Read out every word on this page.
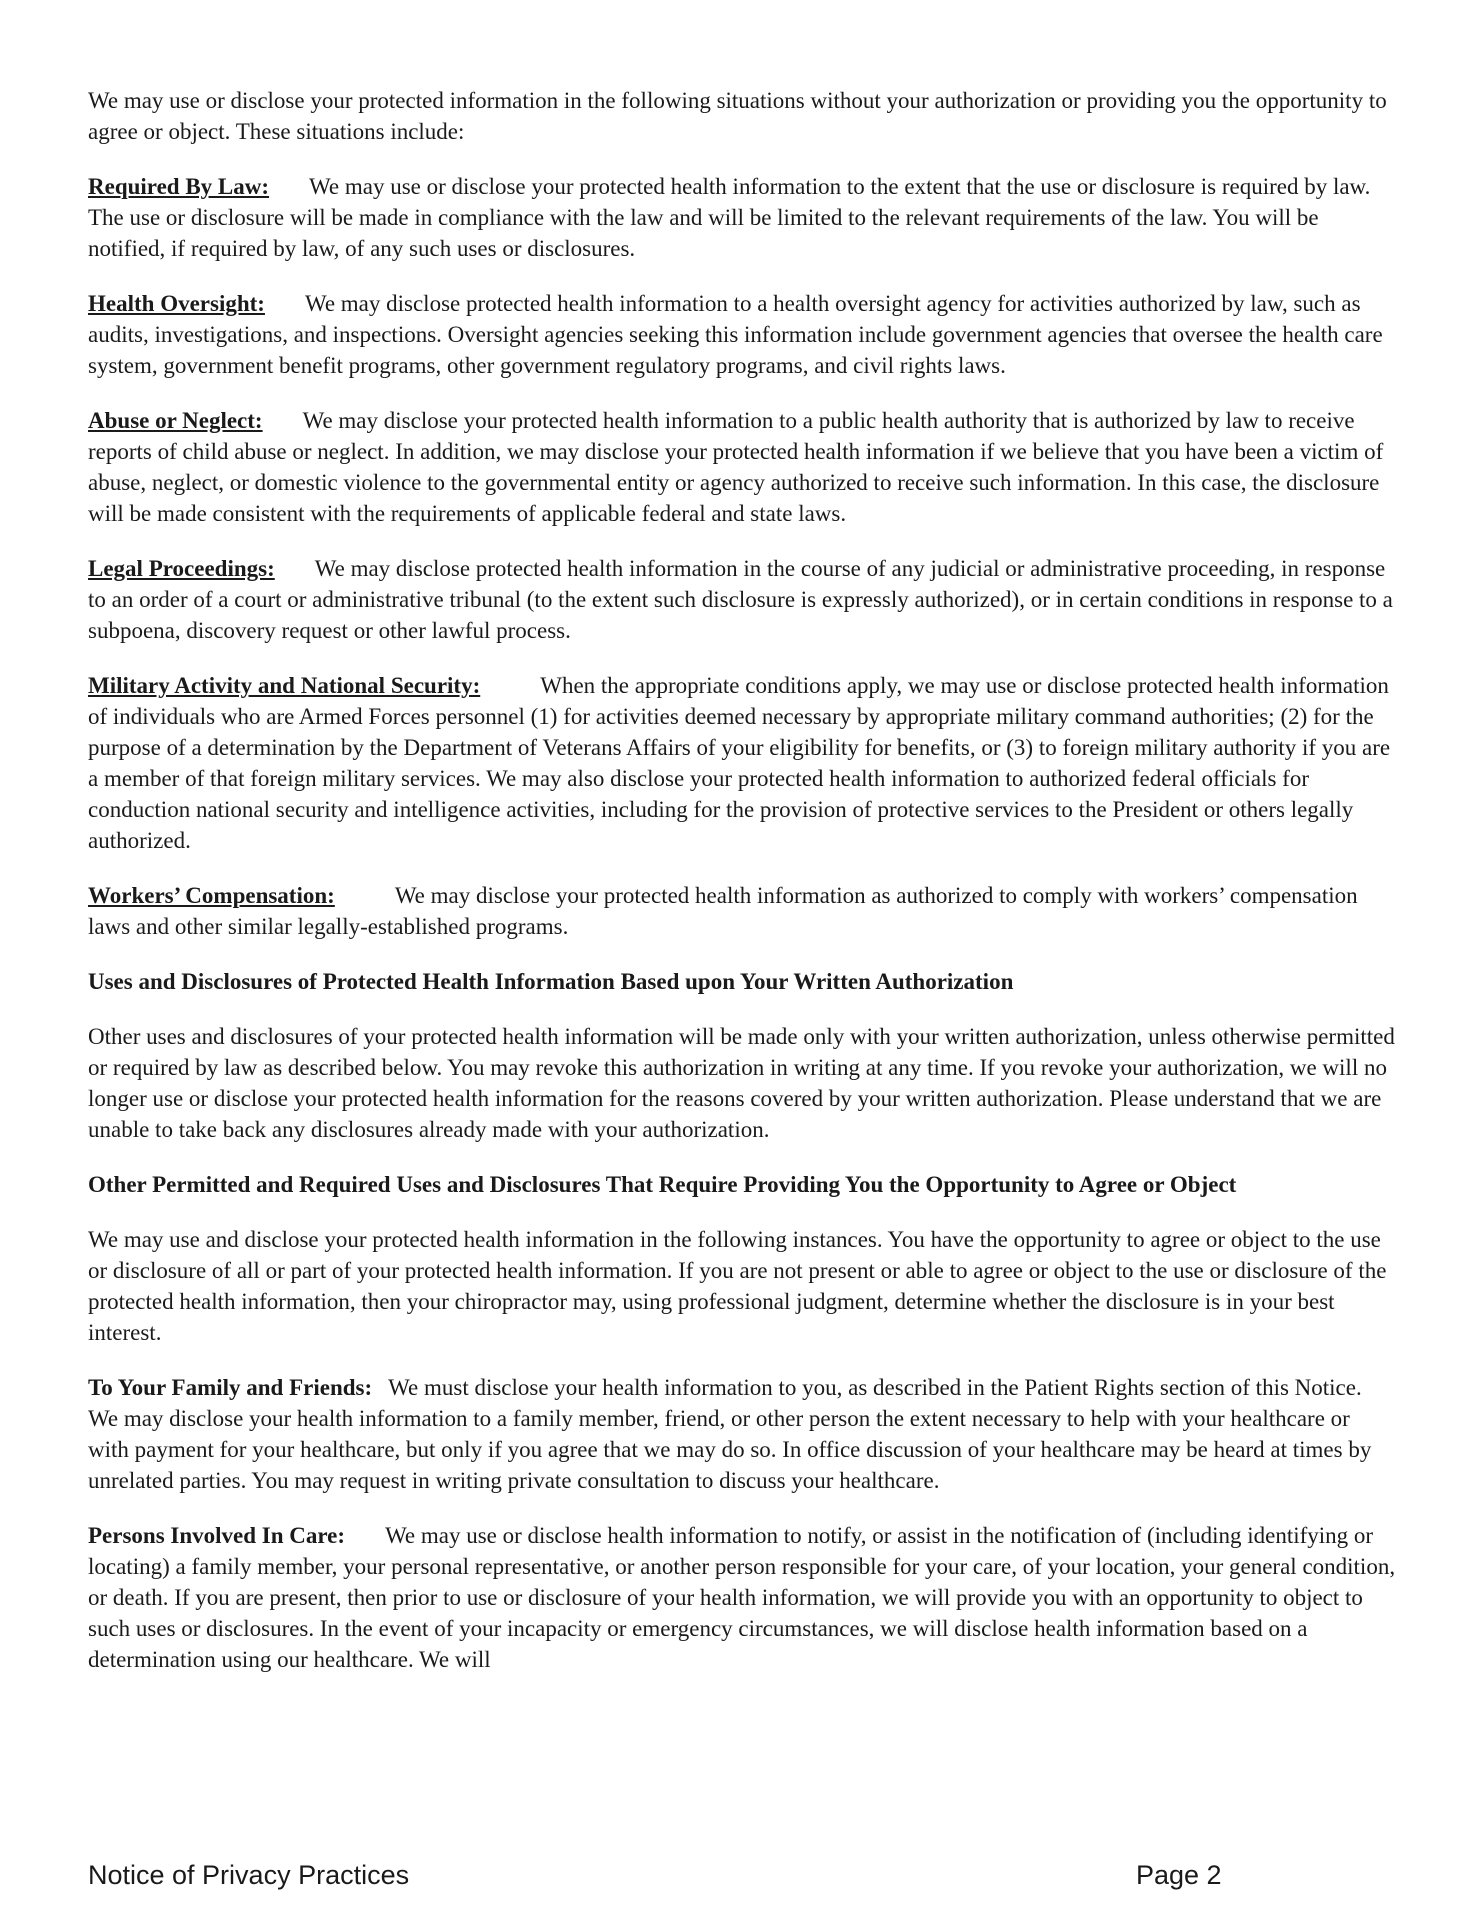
We may use or disclose your protected information in the following situations without your authorization or providing you the opportunity to agree or object. These situations include:

Required By Law: We may use or disclose your protected health information to the extent that the use or disclosure is required by law. The use or disclosure will be made in compliance with the law and will be limited to the relevant requirements of the law. You will be notified, if required by law, of any such uses or disclosures.

Health Oversight: We may disclose protected health information to a health oversight agency for activities authorized by law, such as audits, investigations, and inspections. Oversight agencies seeking this information include government agencies that oversee the health care system, government benefit programs, other government regulatory programs, and civil rights laws.

Abuse or Neglect: We may disclose your protected health information to a public health authority that is authorized by law to receive reports of child abuse or neglect. In addition, we may disclose your protected health information if we believe that you have been a victim of abuse, neglect, or domestic violence to the governmental entity or agency authorized to receive such information. In this case, the disclosure will be made consistent with the requirements of applicable federal and state laws.

Legal Proceedings: We may disclose protected health information in the course of any judicial or administrative proceeding, in response to an order of a court or administrative tribunal (to the extent such disclosure is expressly authorized), or in certain conditions in response to a subpoena, discovery request or other lawful process.

Military Activity and National Security:	When the appropriate conditions apply, we may use or disclose protected health information of individuals who are Armed Forces personnel (1) for activities deemed necessary by appropriate military command authorities; (2) for the purpose of a determination by the Department of Veterans Affairs of your eligibility for benefits, or (3) to foreign military authority if you are a member of that foreign military services. We may also disclose your protected health information to authorized federal officials for conduction national security and intelligence activities, including for the provision of protective services to the President or others legally authorized.

Workers’ Compensation:	We may disclose your protected health information as authorized to comply with workers’ compensation laws and other similar legally-established programs.

Uses and Disclosures of Protected Health Information Based upon Your Written Authorization

Other uses and disclosures of your protected health information will be made only with your written authorization, unless otherwise permitted or required by law as described below. You may revoke this authorization in writing at any time. If you revoke your authorization, we will no longer use or disclose your protected health information for the reasons covered by your written authorization. Please understand that we are unable to take back any disclosures already made with your authorization.

Other Permitted and Required Uses and Disclosures That Require Providing You the Opportunity to Agree or Object

We may use and disclose your protected health information in the following instances. You have the opportunity to agree or object to the use or disclosure of all or part of your protected health information. If you are not present or able to agree or object to the use or disclosure of the protected health information, then your chiropractor may, using professional judgment, determine whether the disclosure is in your best interest.

To Your Family and Friends: We must disclose your health information to you, as described in the Patient Rights section of this Notice. We may disclose your health information to a family member, friend, or other person the extent necessary to help with your healthcare or with payment for your healthcare, but only if you agree that we may do so. In office discussion of your healthcare may be heard at times by unrelated parties. You may request in writing private consultation to discuss your healthcare.

Persons Involved In Care: We may use or disclose health information to notify, or assist in the notification of (including identifying or locating) a family member, your personal representative, or another person responsible for your care, of your location, your general condition, or death. If you are present, then prior to use or disclosure of your health information, we will provide you with an opportunity to object to such uses or disclosures. In the event of your incapacity or emergency circumstances, we will disclose health information based on a determination using our healthcare. We will

Notice of Privacy Practices	Page 2
